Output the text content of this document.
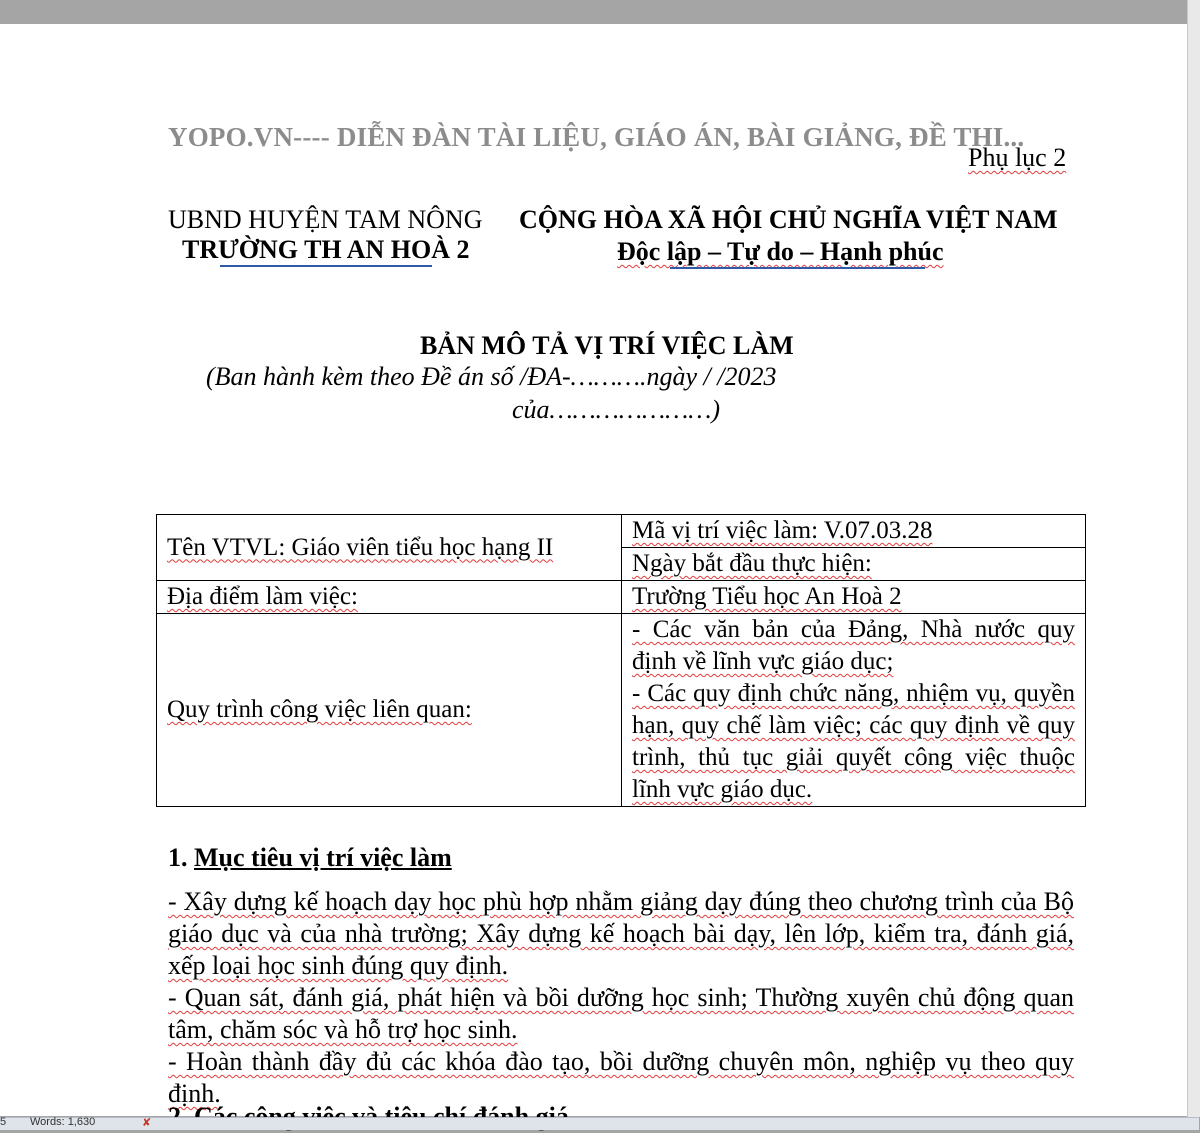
YOPO.VN---- DIỄN ĐÀN TÀI LIỆU, GIÁO ÁN, BÀI GIẢNG, ĐỀ THI...
Phụ lục 2
UBND HUYỆN TAM NÔNG
TRƯỜNG TH AN HOÀ 2
CỘNG HÒA XÃ HỘI CHỦ NGHĨA VIỆT NAM
Độc lập – Tự do – Hạnh phúc
BẢN MÔ TẢ VỊ TRÍ VIỆC LÀM
(Ban hành kèm theo Đề án số /ĐA-……….ngày / /2023
của…………………)
Tên VTVL: Giáo viên tiểu học hạng II	Mã vị trí việc làm: V.07.03.28
	Ngày bắt đầu thực hiện:
Địa điểm làm việc:	Trường Tiểu học An Hoà 2
Quy trình công việc liên quan:	- Các văn bản của Đảng, Nhà nước quy định về lĩnh vực giáo dục;
- Các quy định chức năng, nhiệm vụ, quyền hạn, quy chế làm việc; các quy định về quy trình, thủ tục giải quyết công việc thuộc lĩnh vực giáo dục.
1. Mục tiêu vị trí việc làm

- Xây dựng kế hoạch dạy học phù hợp nhằm giảng dạy đúng theo chương trình của Bộ giáo dục và của nhà trường; Xây dựng kế hoạch bài dạy, lên lớp, kiểm tra, đánh giá, xếp loại học sinh đúng quy định.

- Quan sát, đánh giá, phát hiện và bồi dưỡng học sinh; Thường xuyên chủ động quan tâm, chăm sóc và hỗ trợ học sinh.

- Hoàn thành đầy đủ các khóa đào tạo, bồi dưỡng chuyên môn, nghiệp vụ theo quy định.

5 Words: 1,630	✘
